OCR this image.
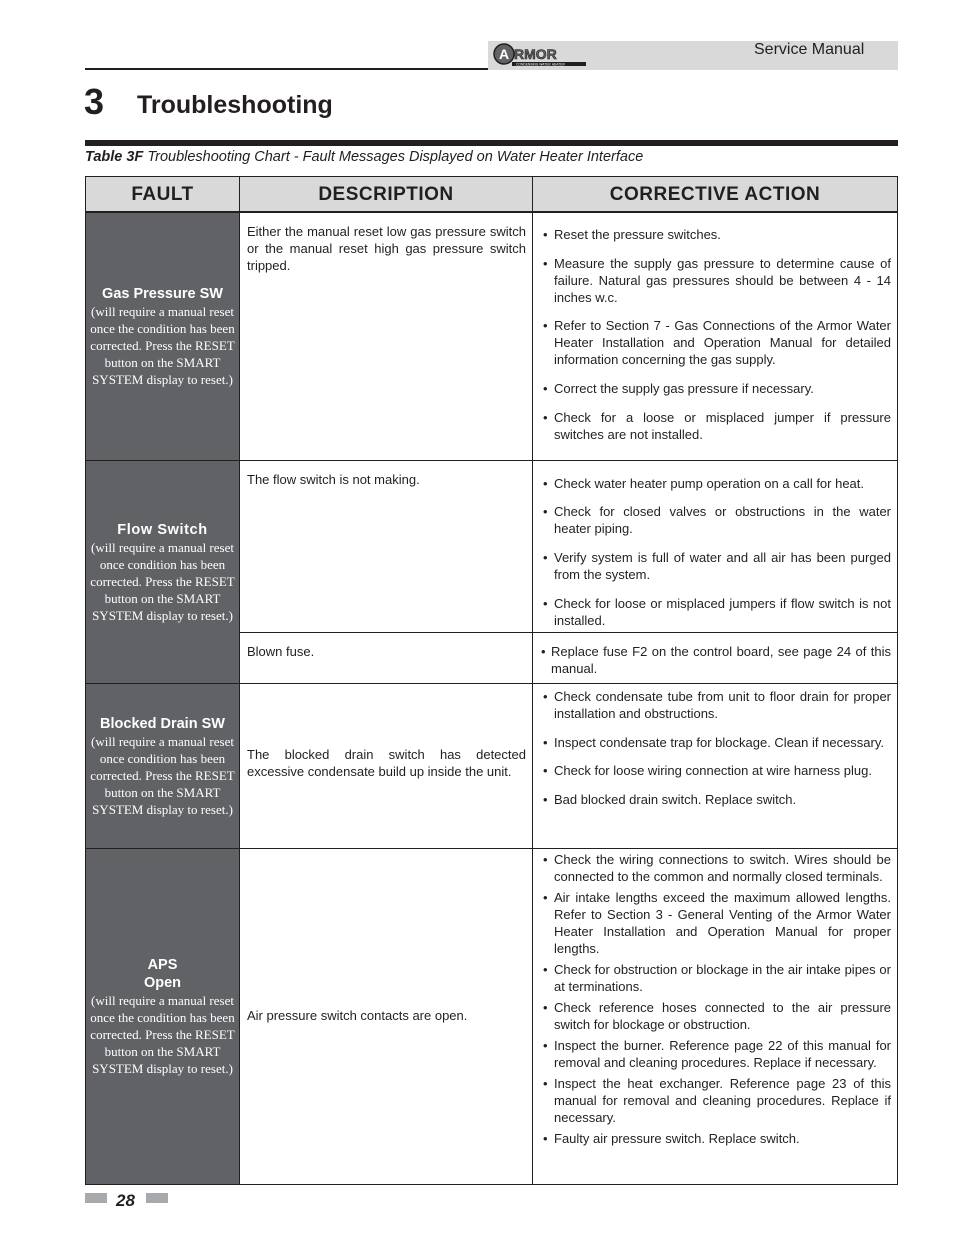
A RMOR
CONDENSING WATER HEATER
Service Manual
3 Troubleshooting
Table 3F Troubleshooting Chart - Fault Messages Displayed on Water Heater Interface
FAULT	DESCRIPTION	CORRECTIVE ACTION
Gas Pressure SW
(will require a manual reset once the condition has been corrected. Press the RESET button on the SMART SYSTEM display to reset.)
Flow Switch
(will require a manual reset once condition has been corrected. Press the RESET button on the SMART SYSTEM display to reset.)
Blocked Drain SW
(will require a manual reset once condition has been corrected. Press the RESET button on the SMART SYSTEM display to reset.)
APS
Open
(will require a manual reset once the condition has been corrected. Press the RESET button on the SMART SYSTEM display to reset.)
Either the manual reset low gas pressure switch or the manual reset high gas pressure switch tripped.
The flow switch is not making.
Blown fuse.
The blocked drain switch has detected excessive condensate build up inside the unit.
Air pressure switch contacts are open.
• Reset the pressure switches.
• Measure the supply gas pressure to determine cause of failure. Natural gas pressures should be between 4 - 14 inches w.c.
• Refer to Section 7 - Gas Connections of the Armor Water Heater Installation and Operation Manual for detailed information concerning the gas supply.
• Correct the supply gas pressure if necessary.
• Check for a loose or misplaced jumper if pressure switches are not installed.
• Check water heater pump operation on a call for heat.
• Check for closed valves or obstructions in the water heater piping.
• Verify system is full of water and all air has been purged from the system.
• Check for loose or misplaced jumpers if flow switch is not installed.
• Replace fuse F2 on the control board, see page 24 of this manual.
• Check condensate tube from unit to floor drain for proper installation and obstructions.
• Inspect condensate trap for blockage. Clean if necessary.
• Check for loose wiring connection at wire harness plug.
• Bad blocked drain switch. Replace switch.
• Check the wiring connections to switch. Wires should be connected to the common and normally closed terminals.
• Air intake lengths exceed the maximum allowed lengths. Refer to Section 3 - General Venting of the Armor Water Heater Installation and Operation Manual for proper lengths.
• Check for obstruction or blockage in the air intake pipes or at terminations.
• Check reference hoses connected to the air pressure switch for blockage or obstruction.
• Inspect the burner. Reference page 22 of this manual for removal and cleaning procedures. Replace if necessary.
• Inspect the heat exchanger. Reference page 23 of this manual for removal and cleaning procedures. Replace if necessary.
• Faulty air pressure switch. Replace switch.
28
